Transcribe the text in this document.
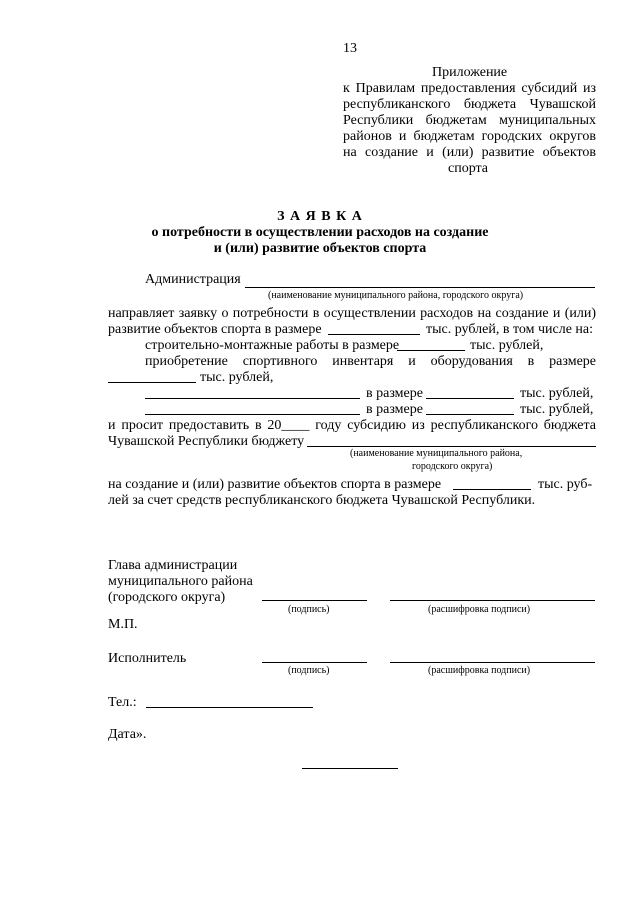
13
Приложение
к Правилам предоставления субсидий из
республиканского бюджета Чувашской
Республики бюджетам муниципальных
районов и бюджетам городских округов
на создание и (или) развитие объектов
спорта
З А Я В К А
о потребности в осуществлении расходов на создание
и (или) развитие объектов спорта
Администрация
(наименование муниципального района, городского округа)
направляет заявку о потребности в осуществлении расходов на создание и (или)
развитие объектов спорта в размере	тыс. рублей, в том числе на:
строительно-монтажные работы в размере	тыс. рублей,
приобретение спортивного инвентаря и оборудования в размере
тыс. рублей,
в размере	тыс. рублей,
в размере	тыс. рублей,
и просит предоставить в 20____ году субсидию из республиканского бюджета
Чувашской Республики бюджету
(наименование муниципального района,
городского округа)
на создание и (или) развитие объектов спорта в размере	тыс. руб-
лей за счет средств республиканского бюджета Чувашской Республики.
Глава администрации
муниципального района
(городского округа)
(подпись)	(расшифровка подписи)
М.П.
Исполнитель
(подпись)	(расшифровка подписи)
Тел.:
Дата».
